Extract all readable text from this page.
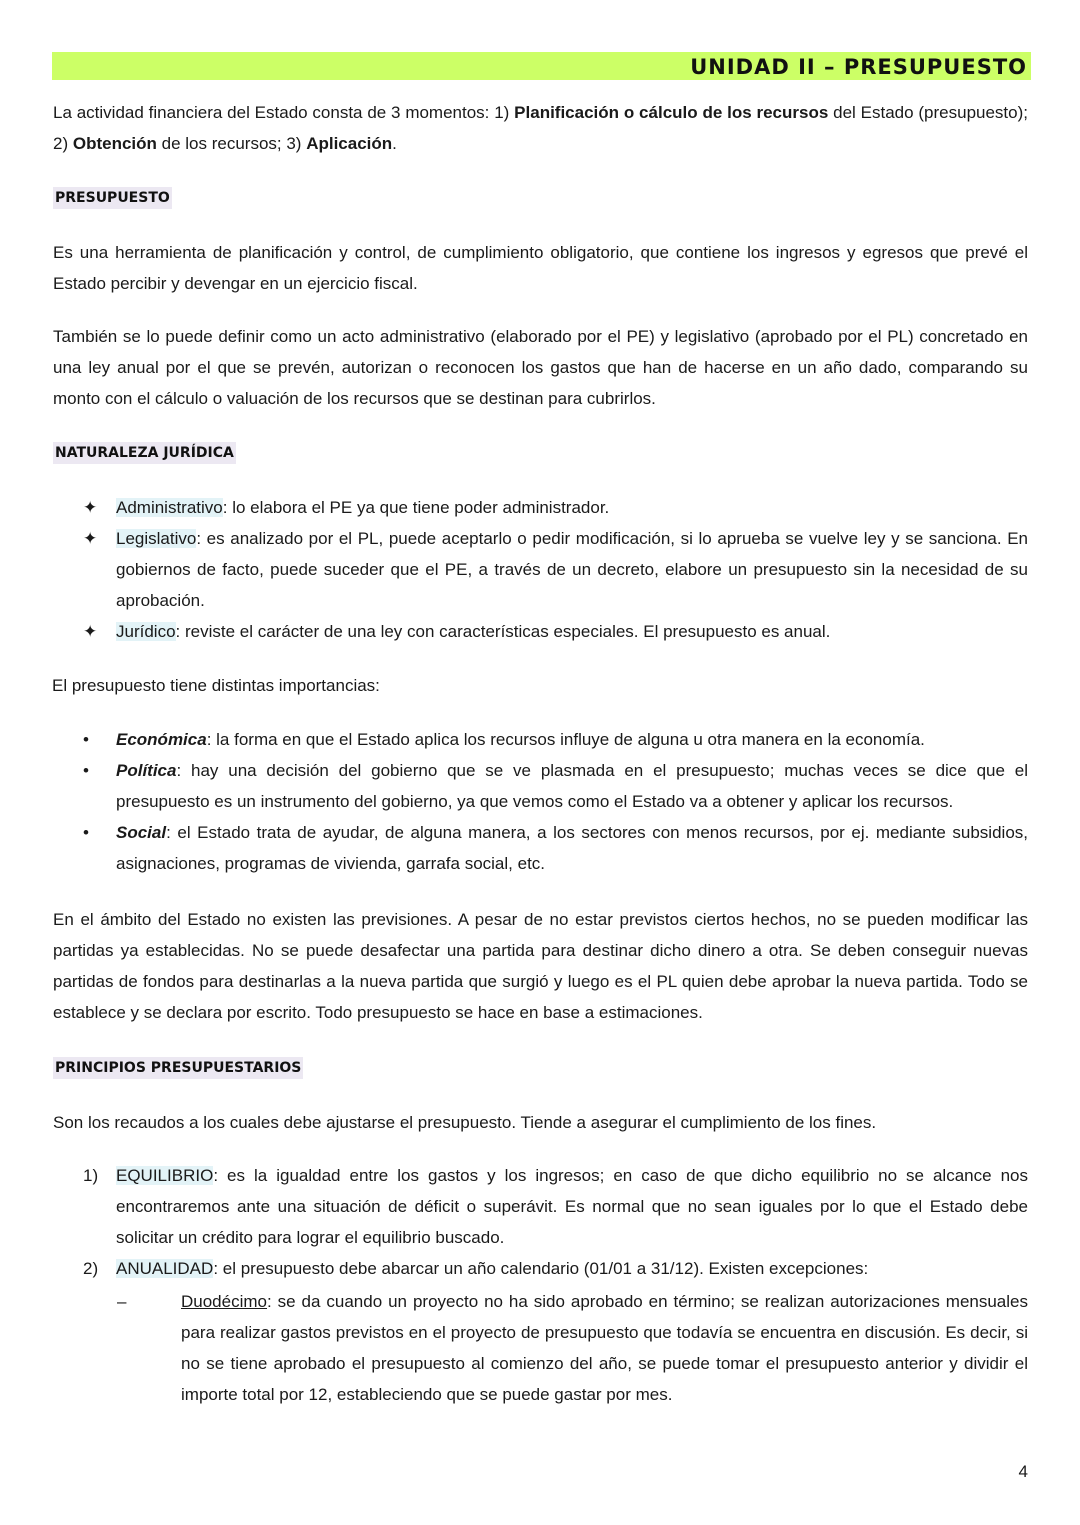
UNIDAD II – PRESUPUESTO
La actividad financiera del Estado consta de 3 momentos: 1) Planificación o cálculo de los recursos del Estado (presupuesto); 2) Obtención de los recursos; 3) Aplicación.
PRESUPUESTO
Es una herramienta de planificación y control, de cumplimiento obligatorio, que contiene los ingresos y egresos que prevé el Estado percibir y devengar en un ejercicio fiscal.
También se lo puede definir como un acto administrativo (elaborado por el PE) y legislativo (aprobado por el PL) concretado en una ley anual por el que se prevén, autorizan o reconocen los gastos que han de hacerse en un año dado, comparando su monto con el cálculo o valuación de los recursos que se destinan para cubrirlos.
NATURALEZA JURÍDICA
✦	Administrativo: lo elabora el PE ya que tiene poder administrador.
✦	Legislativo: es analizado por el PL, puede aceptarlo o pedir modificación, si lo aprueba se vuelve ley y se sanciona. En gobiernos de facto, puede suceder que el PE, a través de un decreto, elabore un presupuesto sin la necesidad de su aprobación.
✦	Jurídico: reviste el carácter de una ley con características especiales. El presupuesto es anual.
El presupuesto tiene distintas importancias:
•	Económica: la forma en que el Estado aplica los recursos influye de alguna u otra manera en la economía.
•	Política: hay una decisión del gobierno que se ve plasmada en el presupuesto; muchas veces se dice que el presupuesto es un instrumento del gobierno, ya que vemos como el Estado va a obtener y aplicar los recursos.
•	Social: el Estado trata de ayudar, de alguna manera, a los sectores con menos recursos, por ej. mediante subsidios, asignaciones, programas de vivienda, garrafa social, etc.
En el ámbito del Estado no existen las previsiones. A pesar de no estar previstos ciertos hechos, no se pueden modificar las partidas ya establecidas. No se puede desafectar una partida para destinar dicho dinero a otra. Se deben conseguir nuevas partidas de fondos para destinarlas a la nueva partida que surgió y luego es el PL quien debe aprobar la nueva partida. Todo se establece y se declara por escrito. Todo presupuesto se hace en base a estimaciones.
PRINCIPIOS PRESUPUESTARIOS
Son los recaudos a los cuales debe ajustarse el presupuesto. Tiende a asegurar el cumplimiento de los fines.
1)	EQUILIBRIO: es la igualdad entre los gastos y los ingresos; en caso de que dicho equilibrio no se alcance nos encontraremos ante una situación de déficit o superávit. Es normal que no sean iguales por lo que el Estado debe solicitar un crédito para lograr el equilibrio buscado.
2)	ANUALIDAD: el presupuesto debe abarcar un año calendario (01/01 a 31/12). Existen excepciones:
–	Duodécimo: se da cuando un proyecto no ha sido aprobado en término; se realizan autorizaciones mensuales para realizar gastos previstos en el proyecto de presupuesto que todavía se encuentra en discusión. Es decir, si no se tiene aprobado el presupuesto al comienzo del año, se puede tomar el presupuesto anterior y dividir el importe total por 12, estableciendo que se puede gastar por mes.
4
